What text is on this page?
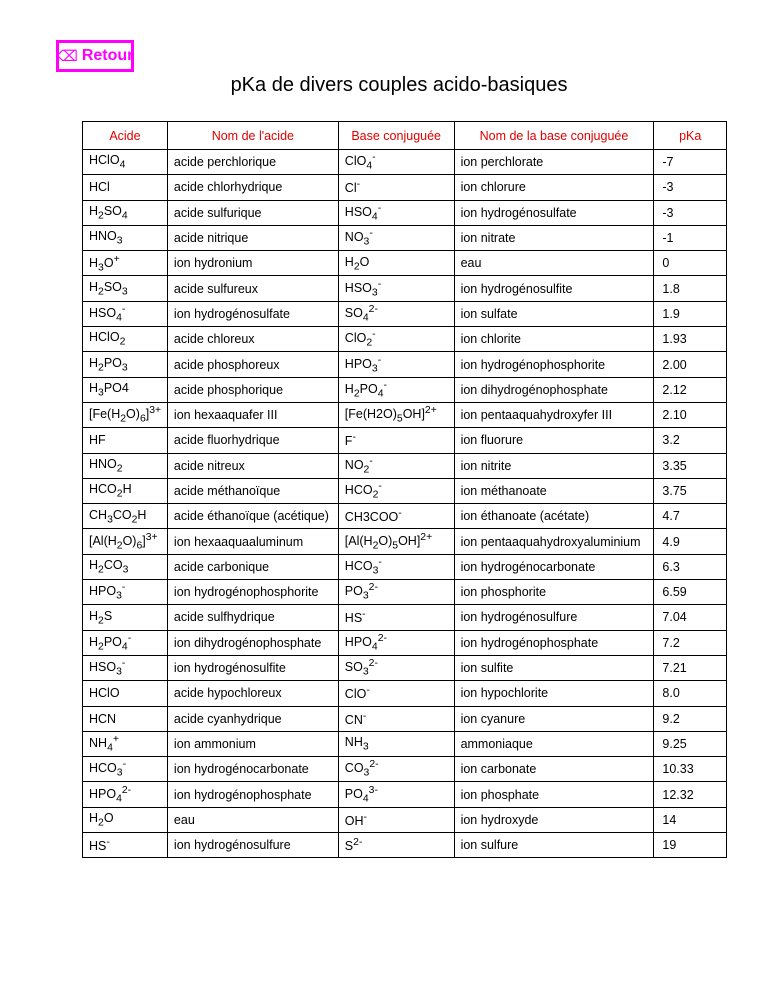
⌫ Retour
pKa de divers couples acido-basiques
Acide	Nom de l'acide	Base conjuguée	Nom de la base conjuguée	pKa
HClO$_4$	acide perchlorique	ClO$_4$-	ion perchlorate	-7
HCl	acide chlorhydrique	Cl-	ion chlorure	-3
$H_2SO_4$	acide sulfurique	$HSO_4^-$	ion hydrogénosulfate	-3
$HNO_3$	acide nitrique	$NO_3^-$	ion nitrate	-1
$H_3O^+$	ion hydronium	$H_2O$	eau	0
$H_2SO_3$	acide sulfureux	$HSO_3^-$	ion hydrogénosulfite	1.8
$HSO_4^-$	ion hydrogénosulfate	$SO_4^{2-}$	ion sulfate	1.9
HClO$_2$	acide chloreux	ClO$_2$-	ion chlorite	1.93
$H_2PO_3$	acide phosphoreux	$HPO_3^-$	ion hydrogénophosphorite	2.00
$H_3PO4$	acide phosphorique	$H_2PO_4^-$	ion dihydrogénophosphate	2.12
$[Fe(H_2O)_6]^{3+}$	ion hexaaquafer III	$[Fe(H2O)_5OH]^{2+}$	ion pentaaquahydroxyfer III	2.10
HF	acide fluorhydrique	F-	ion fluorure	3.2
$HNO_2$	acide nitreux	$NO_2^-$	ion nitrite	3.35
$HCO_2H$	acide méthanoïque	$HCO_2^-$	ion méthanoate	3.75
$CH_3CO_2H$	acide éthanoïque (acétique)	CH3COO-	ion éthanoate (acétate)	4.7
$[Al(H_2O)_6]^{3+}$	ion hexaaquaaluminum	$[Al(H_2O)_5OH]^{2+}$	ion pentaaquahydroxyaluminium	4.9
$H_2CO_3$	acide carbonique	$HCO_3^-$	ion hydrogénocarbonate	6.3
$HPO_3^-$	ion hydrogénophosphorite	$PO_3^{2-}$	ion phosphorite	6.59
$H_2S$	acide sulfhydrique	HS-	ion hydrogénosulfure	7.04
$H_2PO_4^-$	ion dihydrogénophosphate	$HPO_4^{2-}$	ion hydrogénophosphate	7.2
$HSO_3^-$	ion hydrogénosulfite	$SO_3^{2-}$	ion sulfite	7.21
HClO	acide hypochloreux	ClO-	ion hypochlorite	8.0
HCN	acide cyanhydrique	CN-	ion cyanure	9.2
$NH_4^+$	ion ammonium	$NH_3$	ammoniaque	9.25
$HCO_3^-$	ion hydrogénocarbonate	$CO_3^{2-}$	ion carbonate	10.33
$HPO_4^{2-}$	ion hydrogénophosphate	$PO_4^{3-}$	ion phosphate	12.32
$H_2O$	eau	OH-	ion hydroxyde	14
HS-	ion hydrogénosulfure	$S^{2-}$	ion sulfure	19
